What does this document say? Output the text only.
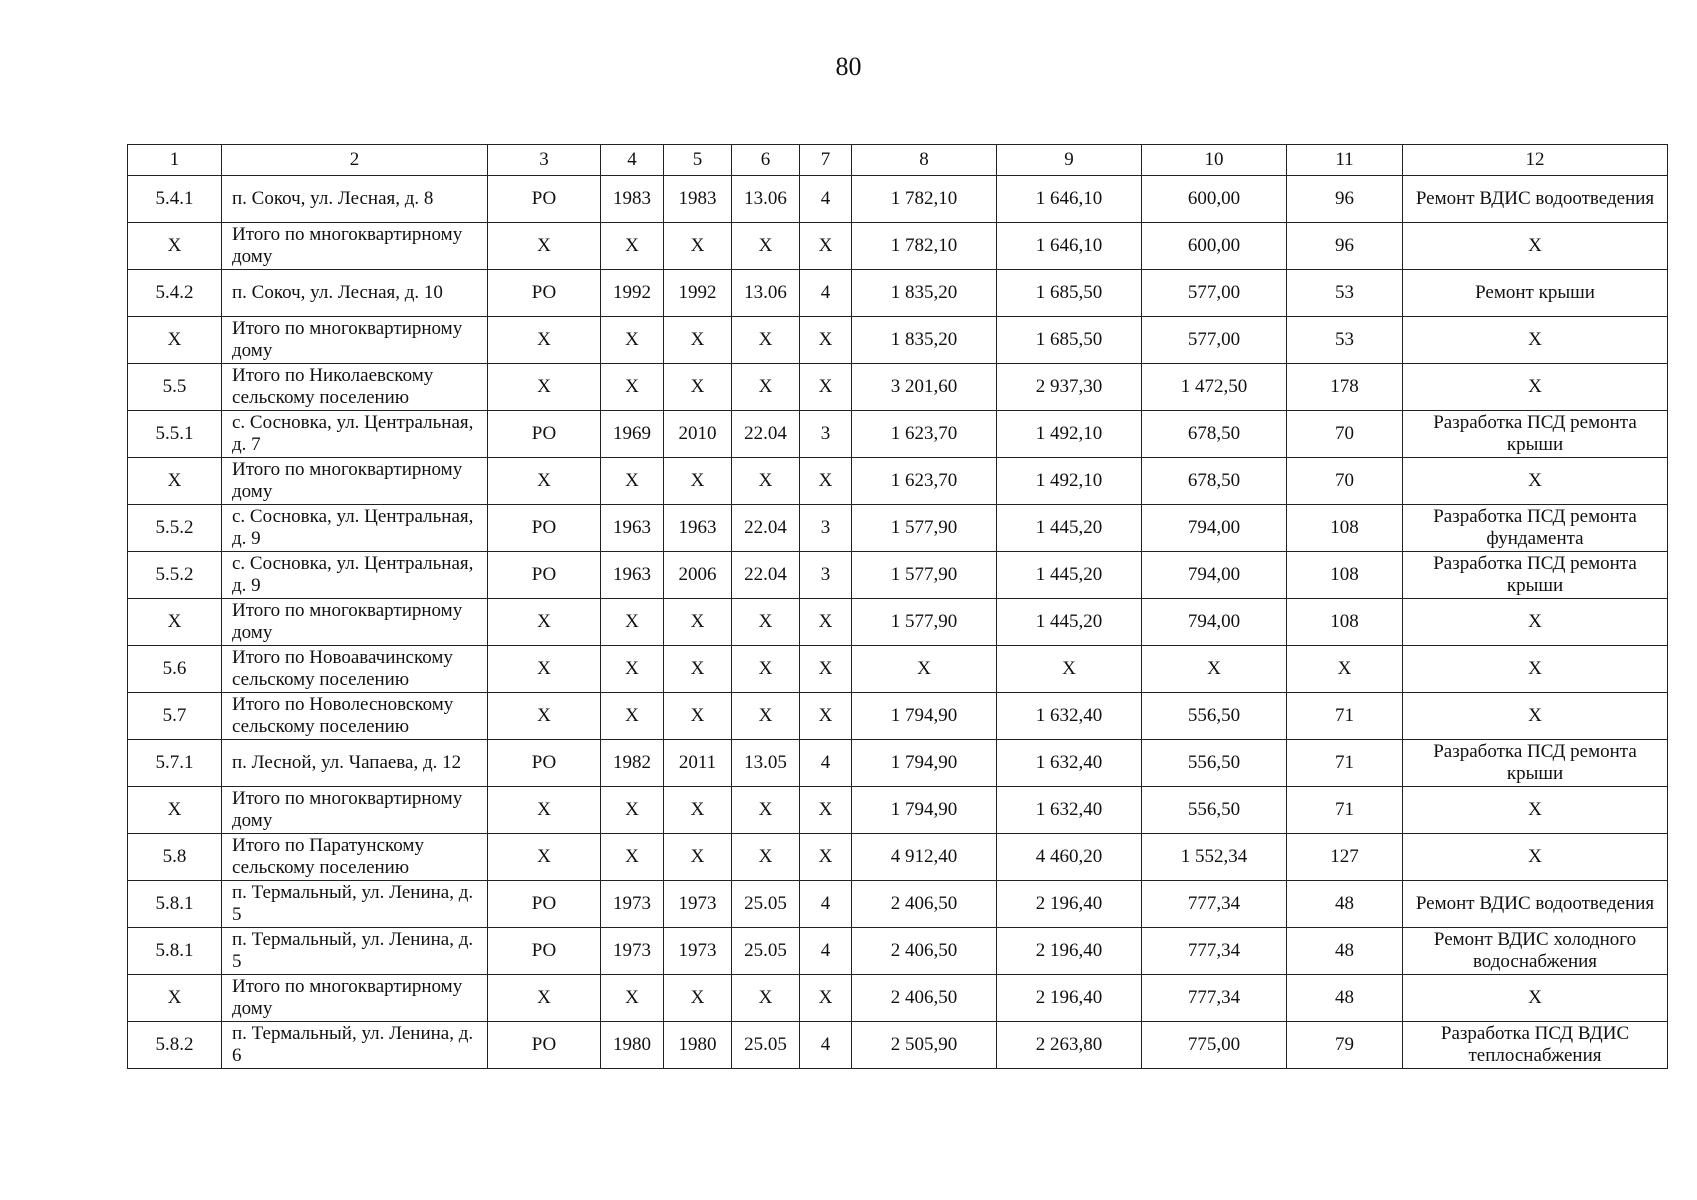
80
1	2	3	4	5	6	7	8	9	10	11	12
5.4.1	п. Сокоч, ул. Лесная, д. 8	РО	1983	1983	13.06	4	1 782,10	1 646,10	600,00	96	Ремонт ВДИС водоотведения
Х	Итого по многоквартирному дому	Х	Х	Х	Х	Х	1 782,10	1 646,10	600,00	96	Х
5.4.2	п. Сокоч, ул. Лесная, д. 10	РО	1992	1992	13.06	4	1 835,20	1 685,50	577,00	53	Ремонт крыши
Х	Итого по многоквартирному дому	Х	Х	Х	Х	Х	1 835,20	1 685,50	577,00	53	Х
5.5	Итого по Николаевскому сельскому поселению	Х	Х	Х	Х	Х	3 201,60	2 937,30	1 472,50	178	Х
5.5.1	с. Сосновка, ул. Центральная, д. 7	РО	1969	2010	22.04	3	1 623,70	1 492,10	678,50	70	Разработка ПСД ремонта крыши
Х	Итого по многоквартирному дому	Х	Х	Х	Х	Х	1 623,70	1 492,10	678,50	70	Х
5.5.2	с. Сосновка, ул. Центральная, д. 9	РО	1963	1963	22.04	3	1 577,90	1 445,20	794,00	108	Разработка ПСД ремонта фундамента
5.5.2	с. Сосновка, ул. Центральная, д. 9	РО	1963	2006	22.04	3	1 577,90	1 445,20	794,00	108	Разработка ПСД ремонта крыши
Х	Итого по многоквартирному дому	Х	Х	Х	Х	Х	1 577,90	1 445,20	794,00	108	Х
5.6	Итого по Новоавачинскому сельскому поселению	Х	Х	Х	Х	Х	Х	Х	Х	Х	Х
5.7	Итого по Новолесновскому сельскому поселению	Х	Х	Х	Х	Х	1 794,90	1 632,40	556,50	71	Х
5.7.1	п. Лесной, ул. Чапаева, д. 12	РО	1982	2011	13.05	4	1 794,90	1 632,40	556,50	71	Разработка ПСД ремонта крыши
Х	Итого по многоквартирному дому	Х	Х	Х	Х	Х	1 794,90	1 632,40	556,50	71	Х
5.8	Итого по Паратунскому сельскому поселению	Х	Х	Х	Х	Х	4 912,40	4 460,20	1 552,34	127	Х
5.8.1	п. Термальный, ул. Ленина, д. 5	РО	1973	1973	25.05	4	2 406,50	2 196,40	777,34	48	Ремонт ВДИС водоотведения
5.8.1	п. Термальный, ул. Ленина, д. 5	РО	1973	1973	25.05	4	2 406,50	2 196,40	777,34	48	Ремонт ВДИС холодного водоснабжения
Х	Итого по многоквартирному дому	Х	Х	Х	Х	Х	2 406,50	2 196,40	777,34	48	Х
5.8.2	п. Термальный, ул. Ленина, д. 6	РО	1980	1980	25.05	4	2 505,90	2 263,80	775,00	79	Разработка ПСД ВДИС теплоснабжения
